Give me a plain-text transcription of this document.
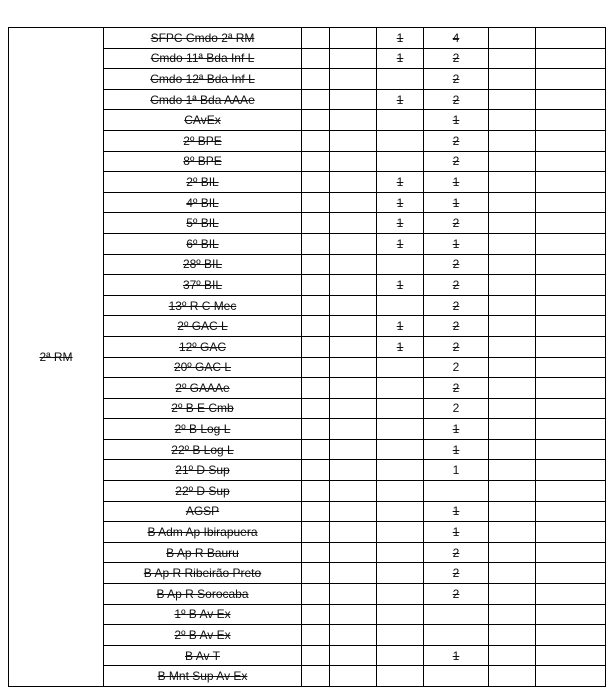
2ª RM	SFPC Cmdo 2ª RM			1	4		
	Cmdo 11ª Bda Inf L			1	2		
	Cmdo 12ª Bda Inf L				2		
	Cmdo 1ª Bda AAAe			1	2		
	CAvEx				1		
	2º BPE				2		
	8º BPE				2		
	2º BIL			1	1		
	4º BIL			1	1		
	5º BIL			1	2		
	6º BIL			1	1		
	28º BIL				2		
	37º BIL			1	2		
	13º R C Mec				2		
	2º GAC L			1	2		
	12º GAC			1	2		
	20º GAC L				2		
	2º GAAAe				2		
	2º B E Cmb				2		
	2º B Log L				1		
	22º B Log L				1		
	21º D Sup				1		
	22º D Sup						
	AGSP				1		
	B Adm Ap Ibirapuera				1		
	B Ap R Bauru				2		
	B Ap R Ribeirão Preto				2		
	B Ap R Sorocaba				2		
	1º B Av Ex						
	2º B Av Ex						
	B Av T				1		
	B Mnt Sup Av Ex						
